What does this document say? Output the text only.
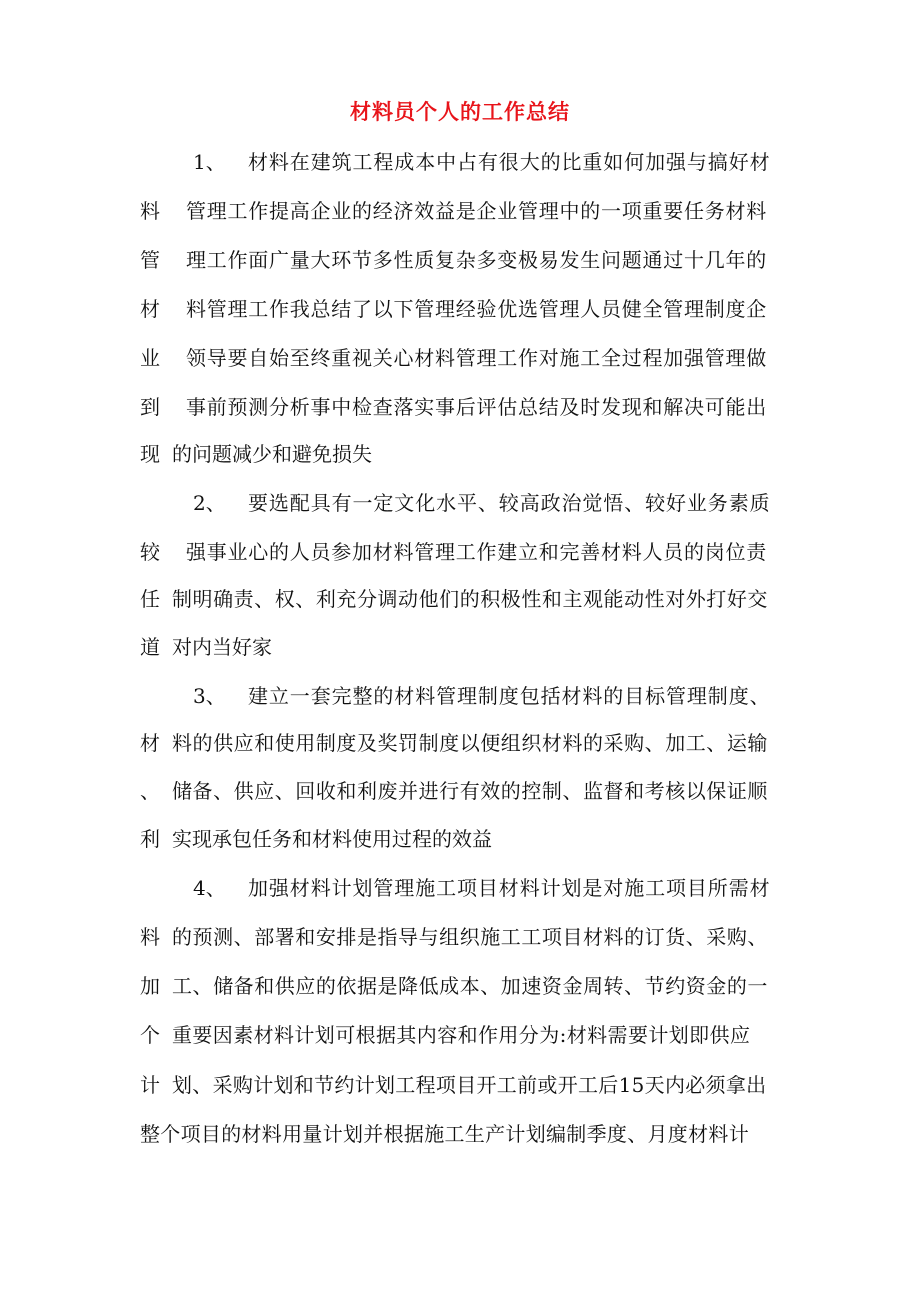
材料员个人的工作总结
1、 材料在建筑工程成本中占有很大的比重如何加强与搞好材
料	管理工作提高企业的经济效益是企业管理中的一项重要任务材料
管	理工作面广量大环节多性质复杂多变极易发生问题通过十几年的
材	料管理工作我总结了以下管理经验优选管理人员健全管理制度企
业	领导要自始至终重视关心材料管理工作对施工全过程加强管理做
到	事前预测分析事中检查落实事后评估总结及时发现和解决可能出
现 的问题减少和避免损失
2、 要选配具有一定文化水平、较高政治觉悟、较好业务素质
较	强事业心的人员参加材料管理工作建立和完善材料人员的岗位责
任 制明确责、权、利充分调动他们的积极性和主观能动性对外打好交
道 对内当好家
3、 建立一套完整的材料管理制度包括材料的目标管理制度、
材 料的供应和使用制度及奖罚制度以便组织材料的采购、加工、运输
、 储备、供应、回收和利废并进行有效的控制、监督和考核以保证顺
利 实现承包任务和材料使用过程的效益
4、 加强材料计划管理施工项目材料计划是对施工项目所需材
料 的预测、部署和安排是指导与组织施工工项目材料的订货、采购、
加 工、储备和供应的依据是降低成本、加速资金周转、节约资金的一
个 重要因素材料计划可根据其内容和作用分为:材料需要计划即供应
计 划、采购计划和节约计划工程项目开工前或开工后15天内必须拿出
整个项目的材料用量计划并根据施工生产计划编制季度、月度材料计
